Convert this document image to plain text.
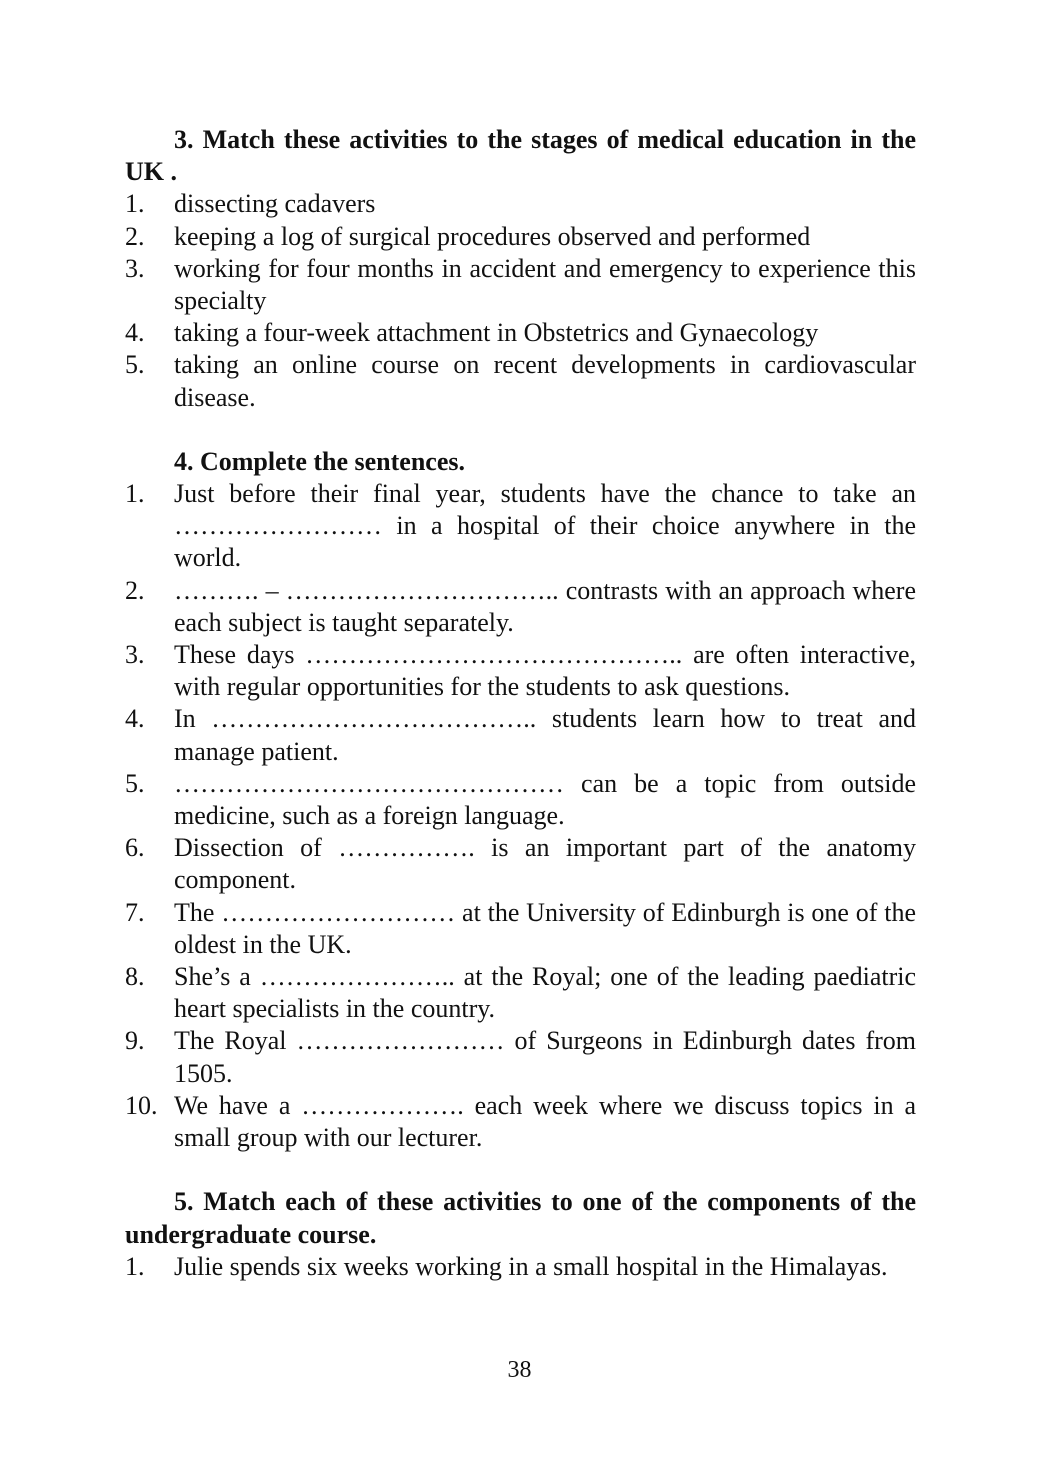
3. Match these activities to the stages of medical education in the UK .

1. dissecting cadavers
2. keeping a log of surgical procedures observed and performed
3. working for four months in accident and emergency to experience this specialty
4. taking a four-week attachment in Obstetrics and Gynaecology
5. taking an online course on recent developments in cardiovascular disease.

4. Complete the sentences.

1. Just before their final year, students have the chance to take an …………………… in a hospital of their choice anywhere in the world.
2. ………. – ………………………….. contrasts with an approach where each subject is taught separately.
3. These days …………………………………….. are often interactive, with regular opportunities for the students to ask questions.
4. In ……………………………….. students learn how to treat and manage patient.
5. ……………………………………… can be a topic from outside medicine, such as a foreign language.
6. Dissection of ……………. is an important part of the anatomy component.
7. The ……………………… at the University of Edinburgh is one of the oldest in the UK.
8. She’s a ………………….. at the Royal; one of the leading paediatric heart specialists in the country.
9. The Royal …………………… of Surgeons in Edinburgh dates from 1505.
10. We have a ………………. each week where we discuss topics in a small group with our lecturer.

5. Match each of these activities to one of the components of the undergraduate course.

1. Julie spends six weeks working in a small hospital in the Himalayas.
38
